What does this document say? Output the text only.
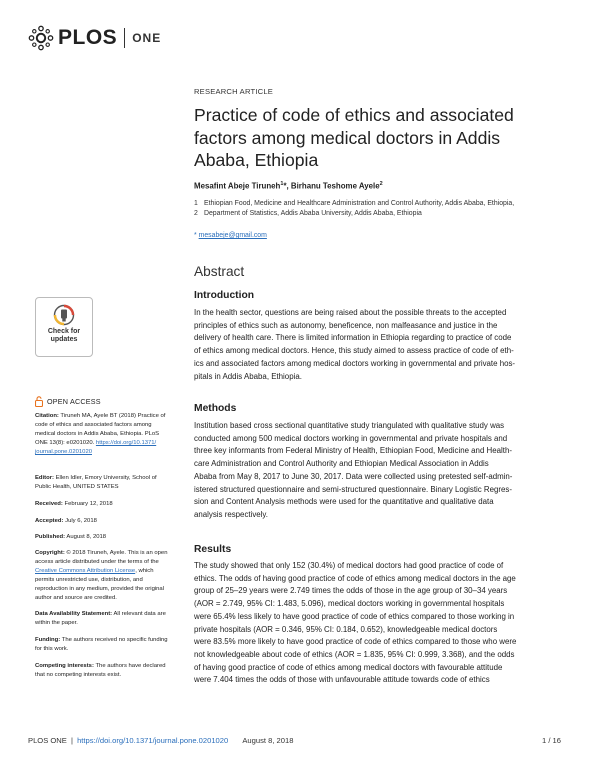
PLOS ONE
RESEARCH ARTICLE
Practice of code of ethics and associated
factors among medical doctors in Addis
Ababa, Ethiopia
Mesafint Abeje Tiruneh$^1$*, Birhanu Teshome Ayele$^2$
1 Ethiopian Food, Medicine and Healthcare Administration and Control Authority, Addis Ababa, Ethiopia,
2 Department of Statistics, Addis Ababa University, Addis Ababa, Ethiopia
* mesabeje@gmail.com
Check for
updates
OPEN ACCESS
Citation: Tiruneh MA, Ayele BT (2018) Practice of
code of ethics and associated factors among
medical doctors in Addis Ababa, Ethiopia. PLoS
ONE 13(8): e0201020. https://doi.org/10.1371/
journal.pone.0201020
Editor: Ellen Idler, Emory University, School of
Public Health, UNITED STATES
Received: February 12, 2018
Accepted: July 6, 2018
Published: August 8, 2018
Copyright: © 2018 Tiruneh, Ayele. This is an open
access article distributed under the terms of the
Creative Commons Attribution License, which
permits unrestricted use, distribution, and
reproduction in any medium, provided the original
author and source are credited.
Data Availability Statement: All relevant data are
within the paper.
Funding: The authors received no specific funding
for this work.
Competing interests: The authors have declared
that no competing interests exist.
Abstract
Introduction
In the health sector, questions are being raised about the possible threats to the accepted
principles of ethics such as autonomy, beneficence, non malfeasance and justice in the
delivery of health care. There is limited information in Ethiopia regarding to practice of code
of ethics among medical doctors. Hence, this study aimed to assess practice of code of eth-
ics and associated factors among medical doctors working in governmental and private hos-
pitals in Addis Ababa, Ethiopia.
Methods
Institution based cross sectional quantitative study triangulated with qualitative study was
conducted among 500 medical doctors working in governmental and private hospitals and
three key informants from Federal Ministry of Health, Ethiopian Food, Medicine and Health-
care Administration and Control Authority and Ethiopian Medical Association in Addis
Ababa from May 8, 2017 to June 30, 2017. Data were collected using pretested self-admin-
istered structured questionnaire and semi-structured questionnaire. Binary Logistic Regres-
sion and Content Analysis methods were used for the quantitative and qualitative data
analysis respectively.
Results
The study showed that only 152 (30.4%) of medical doctors had good practice of code of
ethics. The odds of having good practice of code of ethics among medical doctors in the age
group of 25–29 years were 2.749 times the odds of those in the age group of 30–34 years
(AOR = 2.749, 95% CI: 1.483, 5.096), medical doctors working in governmental hospitals
were 65.4% less likely to have good practice of code of ethics compared to those working in
private hospitals (AOR = 0.346, 95% CI: 0.184, 0.652), knowledgeable medical doctors
were 83.5% more likely to have good practice of code of ethics compared to those who were
not knowledgeable about code of ethics (AOR = 1.835, 95% CI: 0.999, 3.368), and the odds
of having good practice of code of ethics among medical doctors with favourable attitude
were 7.404 times the odds of those with unfavourable attitude towards code of ethics
PLOS ONE | https://doi.org/10.1371/journal.pone.0201020 August 8, 2018	1 / 16
